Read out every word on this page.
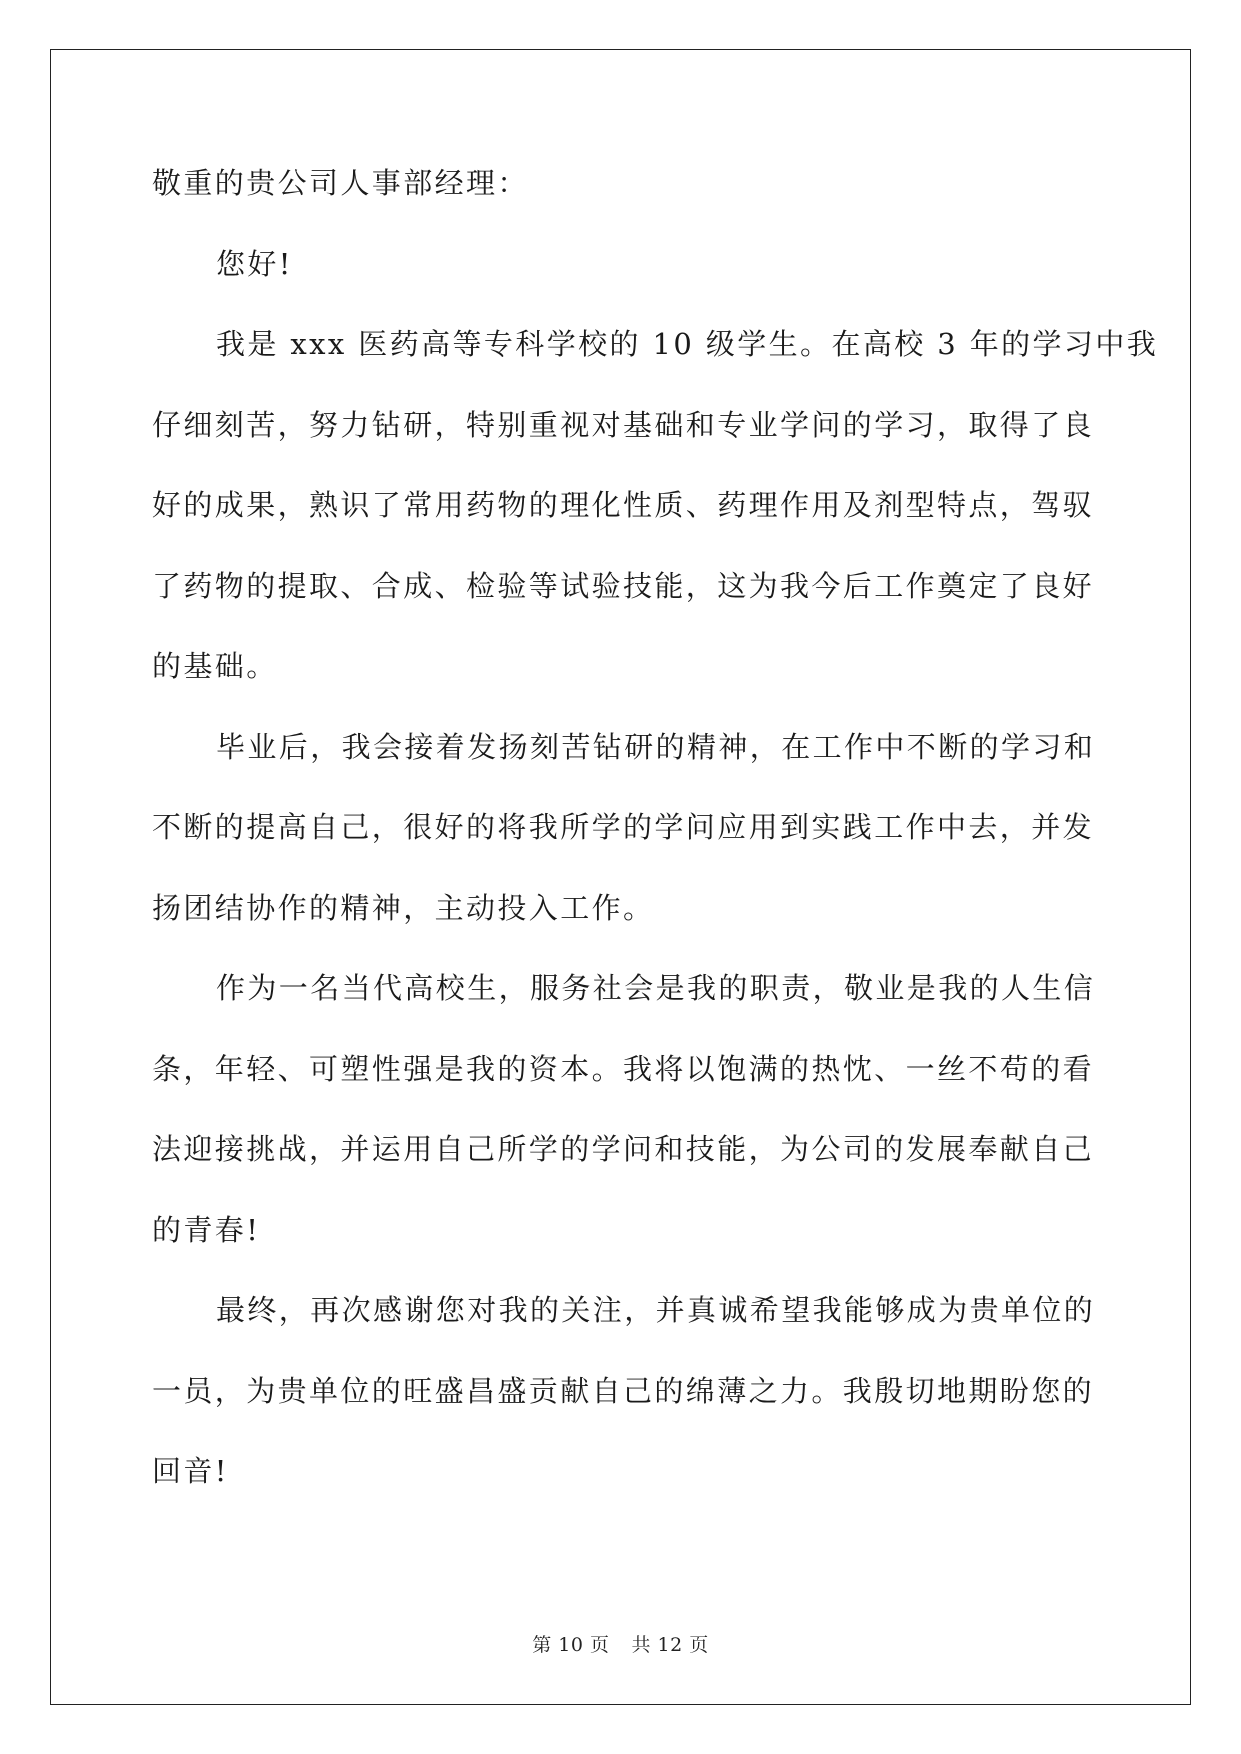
敬重的贵公司人事部经理：
您好!
我是 xxx 医药高等专科学校的 10 级学生。在高校 3 年的学习中我
仔细刻苦，努力钻研，特别重视对基础和专业学问的学习，取得了良
好的成果，熟识了常用药物的理化性质、药理作用及剂型特点，驾驭
了药物的提取、合成、检验等试验技能，这为我今后工作奠定了良好
的基础。
毕业后，我会接着发扬刻苦钻研的精神，在工作中不断的学习和
不断的提高自己，很好的将我所学的学问应用到实践工作中去，并发
扬团结协作的精神，主动投入工作。
作为一名当代高校生，服务社会是我的职责，敬业是我的人生信
条，年轻、可塑性强是我的资本。我将以饱满的热忱、一丝不苟的看
法迎接挑战，并运用自己所学的学问和技能，为公司的发展奉献自己
的青春!
最终，再次感谢您对我的关注，并真诚希望我能够成为贵单位的
一员，为贵单位的旺盛昌盛贡献自己的绵薄之力。我殷切地期盼您的
回音!
第 10 页 共 12 页
